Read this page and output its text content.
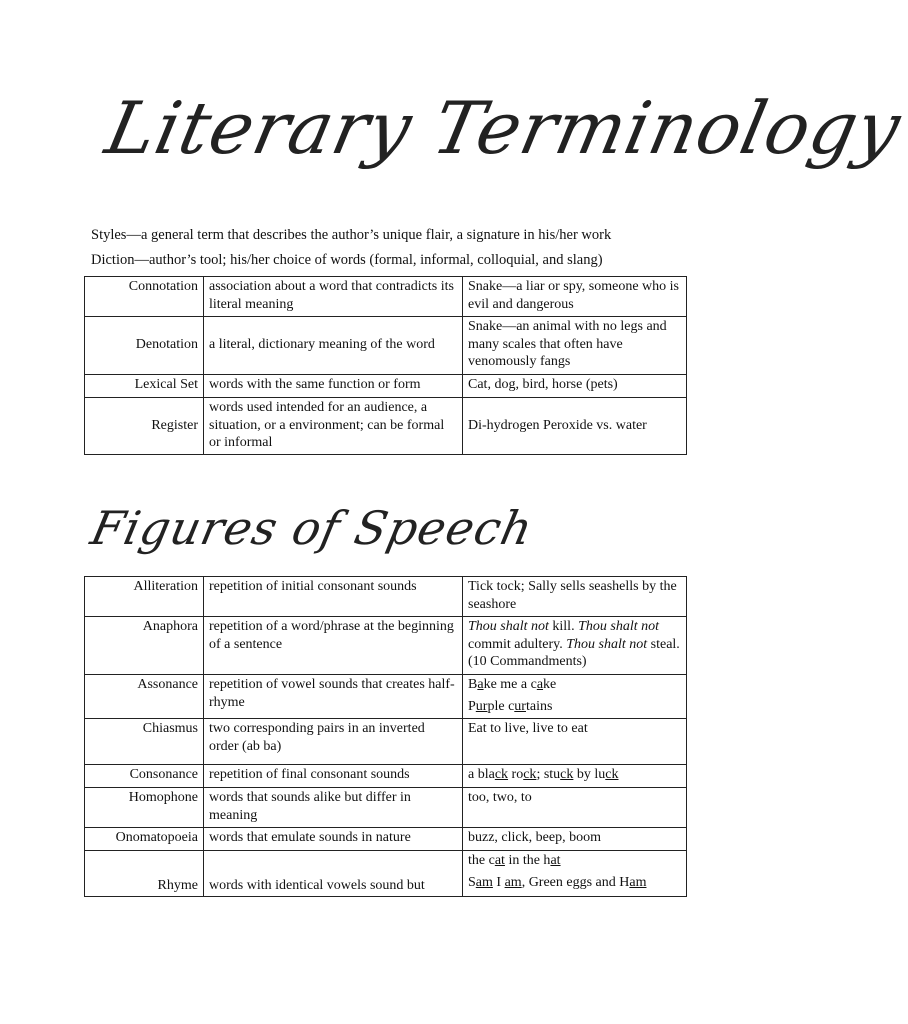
Literary Terminology
Styles—a general term that describes the author’s unique flair, a signature in his/her work
Diction—author’s tool; his/her choice of words (formal, informal, colloquial, and slang)
Connotation	association about a word that contradicts its literal meaning	Snake—a liar or spy, someone who is evil and dangerous
Denotation	a literal, dictionary meaning of the word	Snake—an animal with no legs and many scales that often have venomously fangs
Lexical Set	words with the same function or form	Cat, dog, bird, horse (pets)
Register	words used intended for an audience, a situation, or a environment; can be formal or informal	Di-hydrogen Peroxide vs. water
Figures of Speech
Alliteration	repetition of initial consonant sounds	Tick tock; Sally sells seashells by the seashore
Anaphora	repetition of a word/phrase at the beginning of a sentence	Thou shalt not kill. Thou shalt not commit adultery. Thou shalt not steal. (10 Commandments)
Assonance	repetition of vowel sounds that creates half-rhyme	Bake me a cake
Purple curtains

Chiasmus	two corresponding pairs in an inverted order (ab ba)	Eat to live, live to eat
Consonance	repetition of final consonant sounds	a black rock; stuck by luck
Homophone	words that sounds alike but differ in meaning	too, two, to
Onomatopoeia	words that emulate sounds in nature	buzz, click, beep, boom
Rhyme	words with identical vowels sound but	the cat in the hat
Sam I am, Green eggs and Ham
